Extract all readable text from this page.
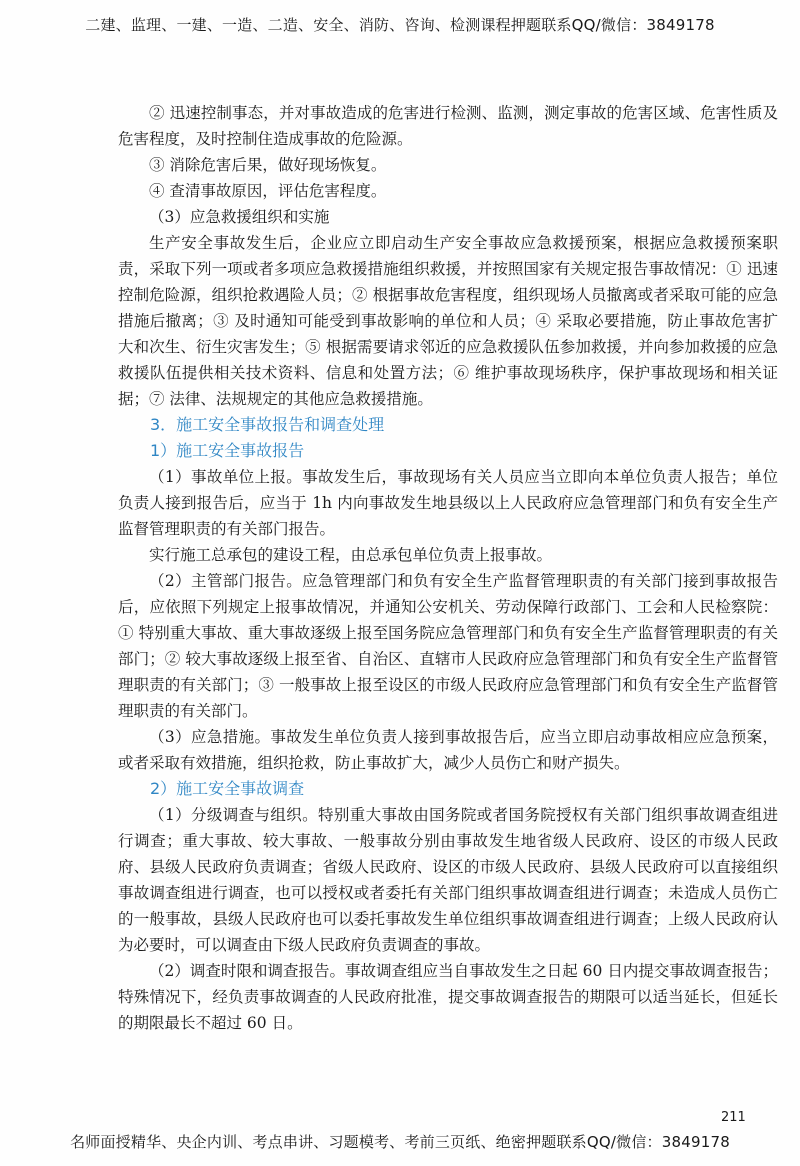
二建、监理、一建、一造、二造、安全、消防、咨询、检测课程押题联系QQ/微信：3849178

② 迅速控制事态，并对事故造成的危害进行检测、监测，测定事故的危害区域、危害性质及危害程度，及时控制住造成事故的危险源。

③ 消除危害后果，做好现场恢复。

④ 查清事故原因，评估危害程度。

（3）应急救援组织和实施

生产安全事故发生后，企业应立即启动生产安全事故应急救援预案，根据应急救援预案职责，采取下列一项或者多项应急救援措施组织救援，并按照国家有关规定报告事故情况：① 迅速控制危险源，组织抢救遇险人员；② 根据事故危害程度，组织现场人员撤离或者采取可能的应急措施后撤离；③ 及时通知可能受到事故影响的单位和人员；④ 采取必要措施，防止事故危害扩大和次生、衍生灾害发生；⑤ 根据需要请求邻近的应急救援队伍参加救援，并向参加救援的应急救援队伍提供相关技术资料、信息和处置方法；⑥ 维护事故现场秩序，保护事故现场和相关证据；⑦ 法律、法规规定的其他应急救援措施。

3．施工安全事故报告和调查处理

1）施工安全事故报告

（1）事故单位上报。事故发生后，事故现场有关人员应当立即向本单位负责人报告；单位负责人接到报告后，应当于 1h 内向事故发生地县级以上人民政府应急管理部门和负有安全生产监督管理职责的有关部门报告。

实行施工总承包的建设工程，由总承包单位负责上报事故。

（2）主管部门报告。应急管理部门和负有安全生产监督管理职责的有关部门接到事故报告后，应依照下列规定上报事故情况，并通知公安机关、劳动保障行政部门、工会和人民检察院：① 特别重大事故、重大事故逐级上报至国务院应急管理部门和负有安全生产监督管理职责的有关部门；② 较大事故逐级上报至省、自治区、直辖市人民政府应急管理部门和负有安全生产监督管理职责的有关部门；③ 一般事故上报至设区的市级人民政府应急管理部门和负有安全生产监督管理职责的有关部门。

（3）应急措施。事故发生单位负责人接到事故报告后，应当立即启动事故相应应急预案，或者采取有效措施，组织抢救，防止事故扩大，减少人员伤亡和财产损失。

2）施工安全事故调查

（1）分级调查与组织。特别重大事故由国务院或者国务院授权有关部门组织事故调查组进行调查；重大事故、较大事故、一般事故分别由事故发生地省级人民政府、设区的市级人民政府、县级人民政府负责调查；省级人民政府、设区的市级人民政府、县级人民政府可以直接组织事故调查组进行调查，也可以授权或者委托有关部门组织事故调查组进行调查；未造成人员伤亡的一般事故，县级人民政府也可以委托事故发生单位组织事故调查组进行调查；上级人民政府认为必要时，可以调查由下级人民政府负责调查的事故。

（2）调查时限和调查报告。事故调查组应当自事故发生之日起 60 日内提交事故调查报告；特殊情况下，经负责事故调查的人民政府批准，提交事故调查报告的期限可以适当延长，但延长的期限最长不超过 60 日。

211
名师面授精华、央企内训、考点串讲、习题模考、考前三页纸、绝密押题联系QQ/微信：3849178
